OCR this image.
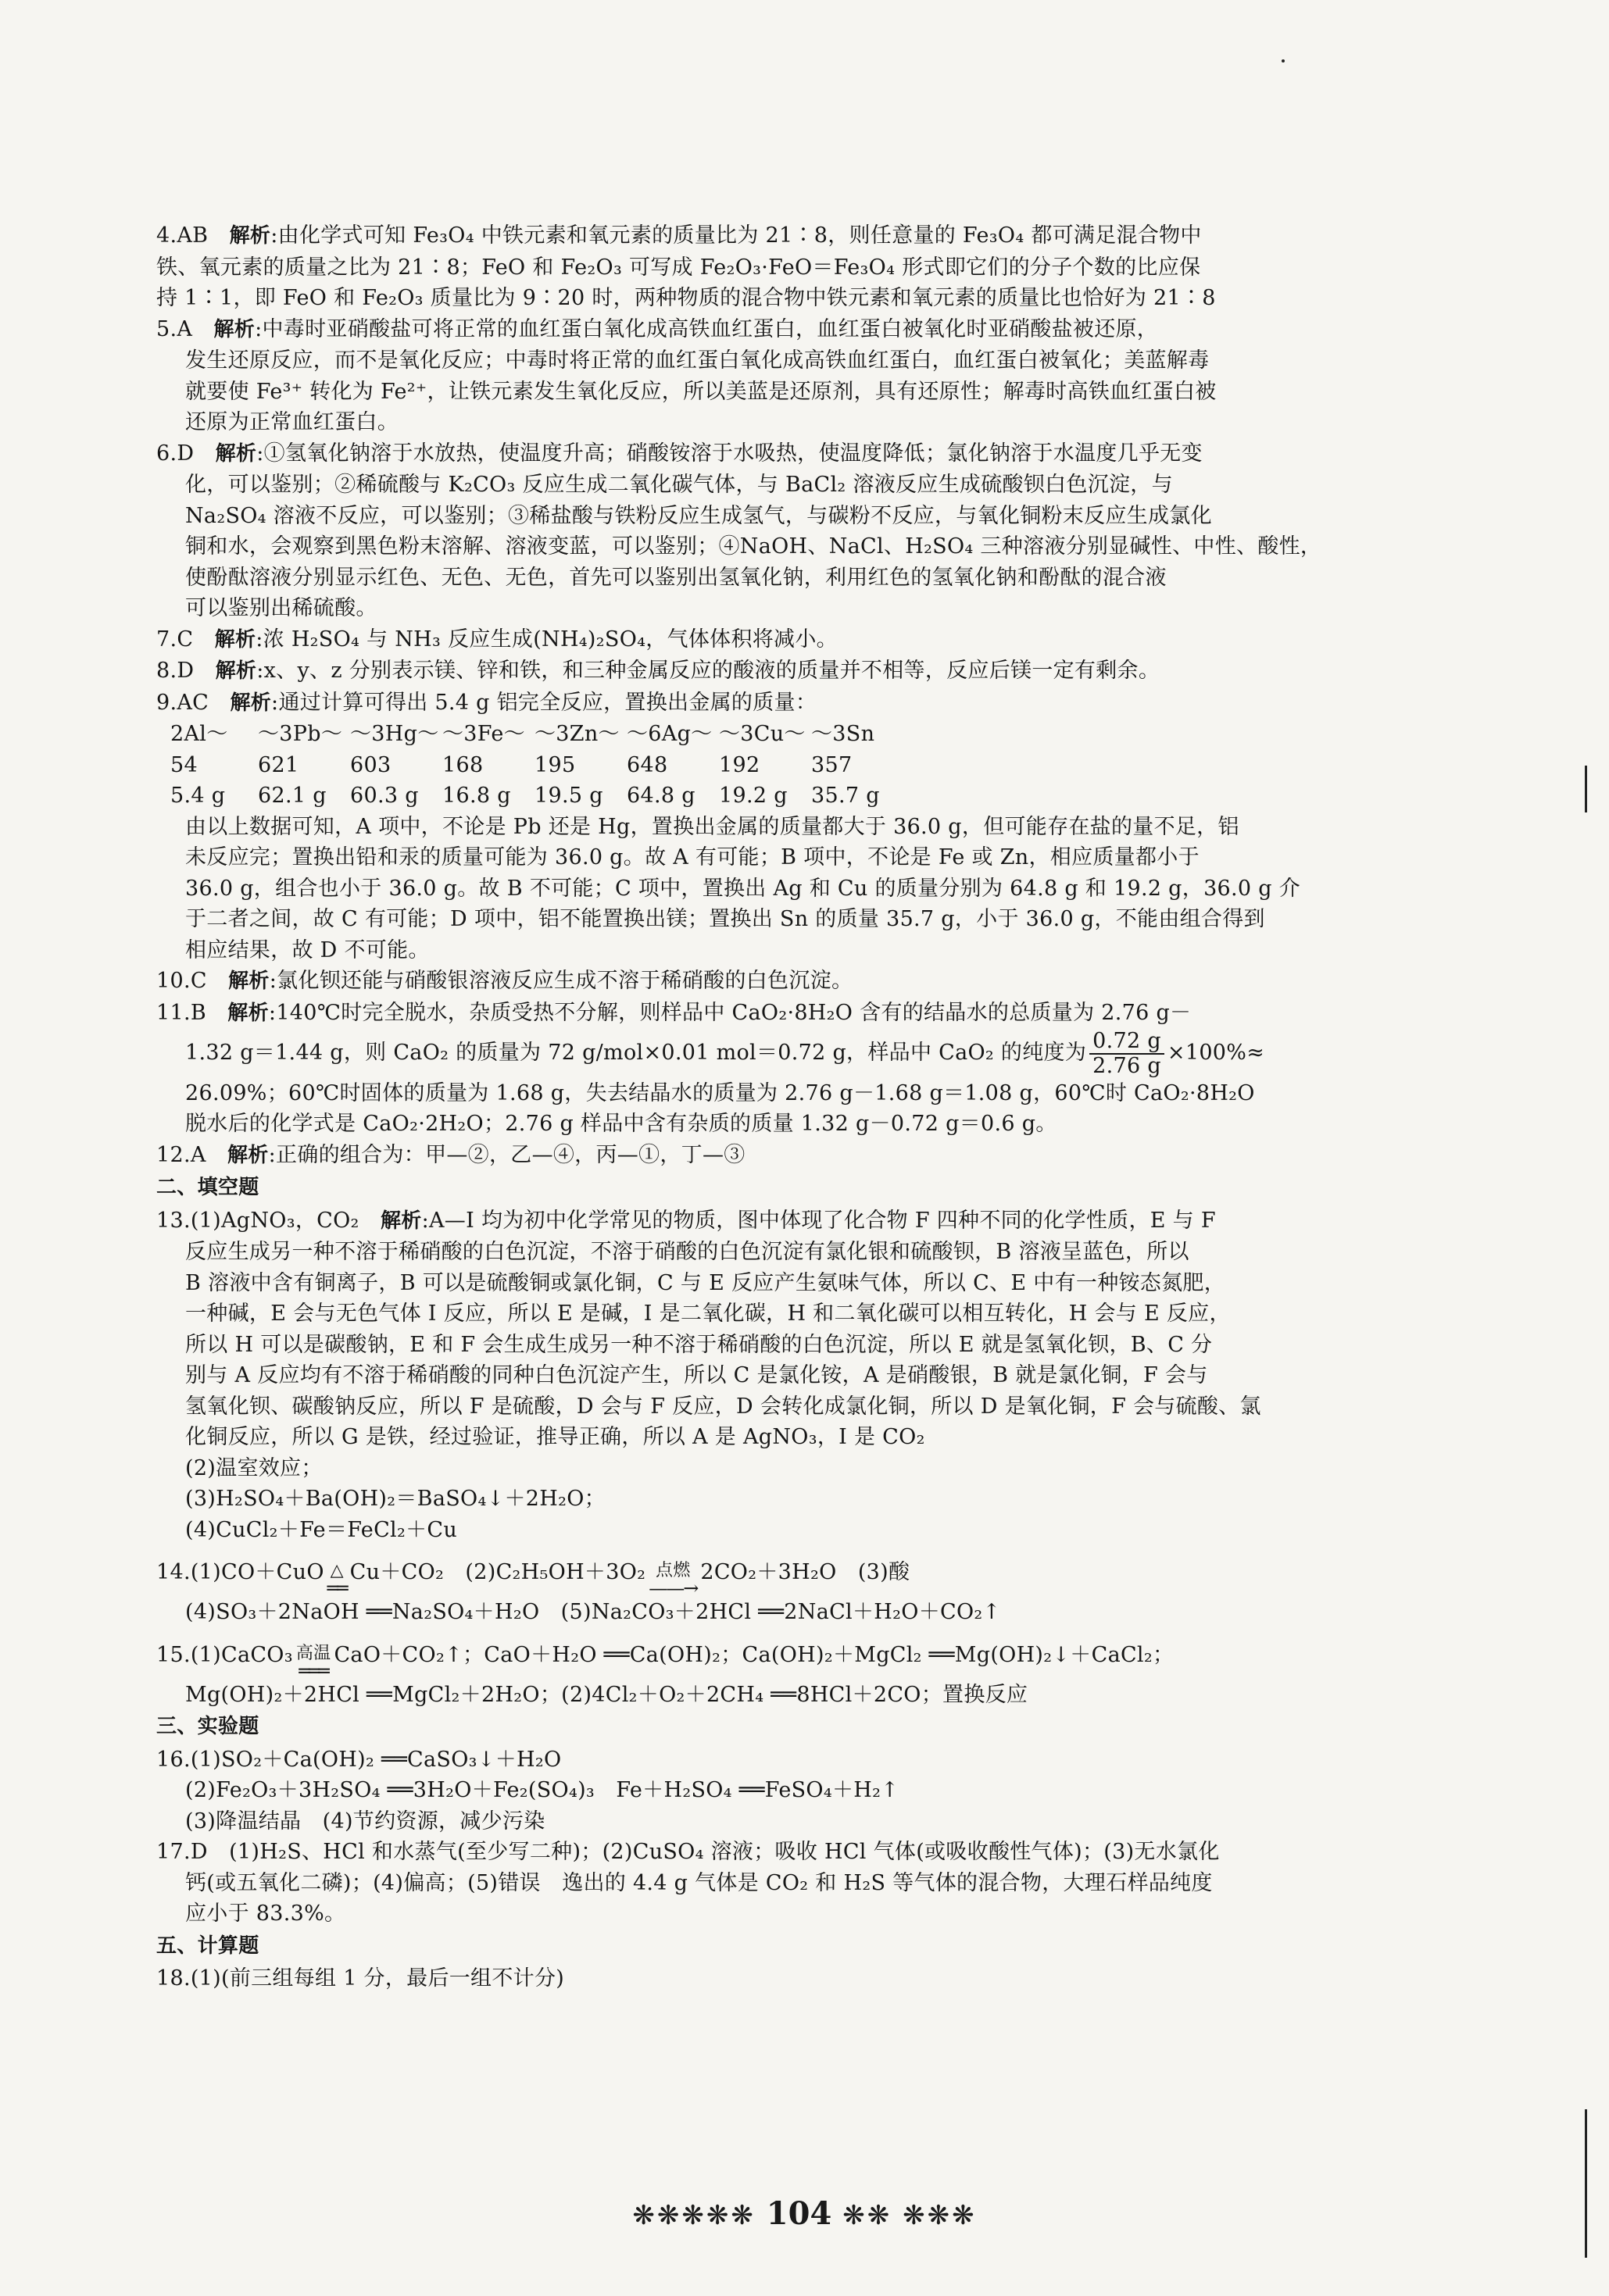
4.AB　 解析:由化学式可知 Fe₃O₄ 中铁元素和氧元素的质量比为 21∶8，则任意量的 Fe₃O₄ 都可满足混合物中
铁、氧元素的质量之比为 21∶8；FeO 和 Fe₂O₃ 可写成 Fe₂O₃·FeO＝Fe₃O₄ 形式即它们的分子个数的比应保
持 1∶1，即 FeO 和 Fe₂O₃ 质量比为 9∶20 时，两种物质的混合物中铁元素和氧元素的质量比也恰好为 21∶8
5.A　 解析:中毒时亚硝酸盐可将正常的血红蛋白氧化成高铁血红蛋白，血红蛋白被氧化时亚硝酸盐被还原，
发生还原反应，而不是氧化反应；中毒时将正常的血红蛋白氧化成高铁血红蛋白，血红蛋白被氧化；美蓝解毒
就要使 Fe³⁺ 转化为 Fe²⁺，让铁元素发生氧化反应，所以美蓝是还原剂，具有还原性；解毒时高铁血红蛋白被
还原为正常血红蛋白。
6.D　 解析:①氢氧化钠溶于水放热，使温度升高；硝酸铵溶于水吸热，使温度降低；氯化钠溶于水温度几乎无变
化，可以鉴别；②稀硫酸与 K₂CO₃ 反应生成二氧化碳气体，与 BaCl₂ 溶液反应生成硫酸钡白色沉淀，与
Na₂SO₄ 溶液不反应，可以鉴别；③稀盐酸与铁粉反应生成氢气，与碳粉不反应，与氧化铜粉末反应生成氯化
铜和水，会观察到黑色粉末溶解、溶液变蓝，可以鉴别；④NaOH、NaCl、H₂SO₄ 三种溶液分别显碱性、中性、酸性，
使酚酞溶液分别显示红色、无色、无色，首先可以鉴别出氢氧化钠，利用红色的氢氧化钠和酚酞的混合液
可以鉴别出稀硫酸。
7.C　 解析:浓 H₂SO₄ 与 NH₃ 反应生成(NH₄)₂SO₄，气体体积将减小。
8.D　 解析:x、y、z 分别表示镁、锌和铁，和三种金属反应的酸液的质量并不相等，反应后镁一定有剩余。
9.AC　 解析:通过计算可得出 5.4 g 铝完全反应，置换出金属的质量：
2Al～	～3Pb～ ～3Hg～ ～3Fe～ ～3Zn～ ～6Ag～ ～3Cu～ ～3Sn
54	621	603	168	195	648	192	357
5.4 g	62.1 g	60.3 g	16.8 g	19.5 g	64.8 g	19.2 g	35.7 g
由以上数据可知，A 项中，不论是 Pb 还是 Hg，置换出金属的质量都大于 36.0 g，但可能存在盐的量不足，铝
未反应完；置换出铅和汞的质量可能为 36.0 g。故 A 有可能；B 项中，不论是 Fe 或 Zn，相应质量都小于
36.0 g，组合也小于 36.0 g。故 B 不可能；C 项中，置换出 Ag 和 Cu 的质量分别为 64.8 g 和 19.2 g，36.0 g 介
于二者之间，故 C 有可能；D 项中，铝不能置换出镁；置换出 Sn 的质量 35.7 g，小于 36.0 g，不能由组合得到
相应结果，故 D 不可能。
10.C　 解析:氯化钡还能与硝酸银溶液反应生成不溶于稀硝酸的白色沉淀。
11.B　 解析:140℃时完全脱水，杂质受热不分解，则样品中 CaO₂·8H₂O 含有的结晶水的总质量为 2.76 g－
1.32 g＝1.44 g，则 CaO₂ 的质量为 72 g/mol×0.01 mol＝0.72 g，样品中 CaO₂ 的纯度为 $\frac{0.72 g}{2.76 g} \times 100\%\approx$
26.09%；60℃时固体的质量为 1.68 g，失去结晶水的质量为 2.76 g－1.68 g＝1.08 g，60℃时 CaO₂·8H₂O
脱水后的化学式是 CaO₂·2H₂O；2.76 g 样品中含有杂质的质量 1.32 g－0.72 g＝0.6 g。
12.A　 解析:正确的组合为：甲—②，乙—④，丙—①，丁—③
二、填空题
13.(1)AgNO₃，CO₂　 解析:A—I 均为初中化学常见的物质，图中体现了化合物 F 四种不同的化学性质，E 与 F
反应生成另一种不溶于稀硝酸的白色沉淀，不溶于硝酸的白色沉淀有氯化银和硫酸钡，B 溶液呈蓝色，所以
B 溶液中含有铜离子，B 可以是硫酸铜或氯化铜，C 与 E 反应产生氨味气体，所以 C、E 中有一种铵态氮肥，
一种碱，E 会与无色气体 I 反应，所以 E 是碱，I 是二氧化碳，H 和二氧化碳可以相互转化，H 会与 E 反应，
所以 H 可以是碳酸钠，E 和 F 会生成生成另一种不溶于稀硝酸的白色沉淀，所以 E 就是氢氧化钡，B、C 分
别与 A 反应均有不溶于稀硝酸的同种白色沉淀产生，所以 C 是氯化铵，A 是硝酸银，B 就是氯化铜，F 会与
氢氧化钡、碳酸钠反应，所以 F 是硫酸，D 会与 F 反应，D 会转化成氯化铜，所以 D 是氧化铜，F 会与硫酸、氯
化铜反应，所以 G 是铁，经过验证，推导正确，所以 A 是 AgNO₃，I 是 CO₂
(2)温室效应；
(3)H₂SO₄＋Ba(OH)₂＝BaSO₄↓＋2H₂O；
(4)CuCl₂＋Fe＝FeCl₂＋Cu
14.(1)CO＋CuO △
══
Cu＋CO₂　(2)C₂H₅OH＋3O₂ 点燃
——→
2CO₂＋3H₂O　(3)酸
(4)SO₃＋2NaOH ══Na₂SO₄＋H₂O　(5)Na₂CO₃＋2HCl ══2NaCl＋H₂O＋CO₂↑
15.(1)CaCO₃ 高温
═══
CaO＋CO₂↑；CaO＋H₂O ══Ca(OH)₂；Ca(OH)₂＋MgCl₂ ══Mg(OH)₂↓＋CaCl₂；
Mg(OH)₂＋2HCl ══MgCl₂＋2H₂O；(2)4Cl₂＋O₂＋2CH₄ ══8HCl＋2CO；置换反应
三、实验题
16.(1)SO₂＋Ca(OH)₂ ══CaSO₃↓＋H₂O
(2)Fe₂O₃＋3H₂SO₄ ══3H₂O＋Fe₂(SO₄)₃　Fe＋H₂SO₄ ══FeSO₄＋H₂↑
(3)降温结晶　(4)节约资源，减少污染
17.D　(1)H₂S、HCl 和水蒸气(至少写二种)；(2)CuSO₄ 溶液；吸收 HCl 气体(或吸收酸性气体)；(3)无水氯化
钙(或五氧化二磷)；(4)偏高；(5)错误　逸出的 4.4 g 气体是 CO₂ 和 H₂S 等气体的混合物，大理石样品纯度
应小于 83.3%。
五、计算题
18.(1)(前三组每组 1 分，最后一组不计分)
❋❋❋❋❋ 104 ❋❋ ❋❋❋
